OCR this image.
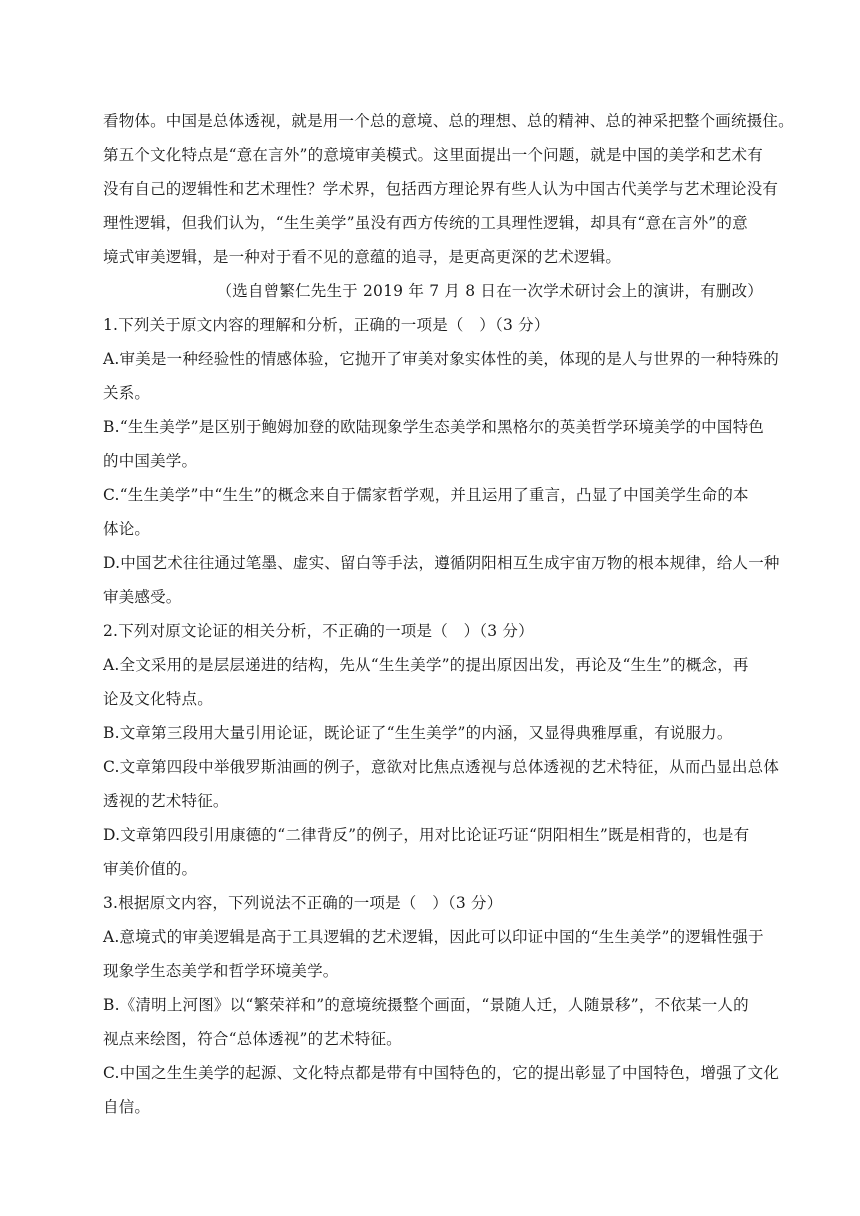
看物体。中国是总体透视，就是用一个总的意境、总的理想、总的精神、总的神采把整个画统摄住。
第五个文化特点是“意在言外”的意境审美模式。这里面提出一个问题，就是中国的美学和艺术有
没有自己的逻辑性和艺术理性？学术界，包括西方理论界有些人认为中国古代美学与艺术理论没有
理性逻辑，但我们认为，“生生美学”虽没有西方传统的工具理性逻辑，却具有“意在言外”的意
境式审美逻辑，是一种对于看不见的意蕴的追寻，是更高更深的艺术逻辑。
（选自曾繁仁先生于 2019 年 7 月 8 日在一次学术研讨会上的演讲，有删改）
1.下列关于原文内容的理解和分析，正确的一项是（　）（3 分）
A.审美是一种经验性的情感体验，它抛开了审美对象实体性的美，体现的是人与世界的一种特殊的
关系。
B.“生生美学”是区别于鲍姆加登的欧陆现象学生态美学和黑格尔的英美哲学环境美学的中国特色
的中国美学。
C.“生生美学”中“生生”的概念来自于儒家哲学观，并且运用了重言，凸显了中国美学生命的本
体论。
D.中国艺术往往通过笔墨、虚实、留白等手法，遵循阴阳相互生成宇宙万物的根本规律，给人一种
审美感受。
2.下列对原文论证的相关分析，不正确的一项是（　）（3 分）
A.全文采用的是层层递进的结构，先从“生生美学”的提出原因出发，再论及“生生”的概念，再
论及文化特点。
B.文章第三段用大量引用论证，既论证了“生生美学”的内涵，又显得典雅厚重，有说服力。
C.文章第四段中举俄罗斯油画的例子，意欲对比焦点透视与总体透视的艺术特征，从而凸显出总体
透视的艺术特征。
D.文章第四段引用康德的“二律背反”的例子，用对比论证巧证“阴阳相生”既是相背的，也是有
审美价值的。
3.根据原文内容，下列说法不正确的一项是（　）（3 分）
A.意境式的审美逻辑是高于工具逻辑的艺术逻辑，因此可以印证中国的“生生美学”的逻辑性强于
现象学生态美学和哲学环境美学。
B.《清明上河图》以“繁荣祥和”的意境统摄整个画面，“景随人迁，人随景移”，不依某一人的
视点来绘图，符合“总体透视”的艺术特征。
C.中国之生生美学的起源、文化特点都是带有中国特色的，它的提出彰显了中国特色，增强了文化
自信。
